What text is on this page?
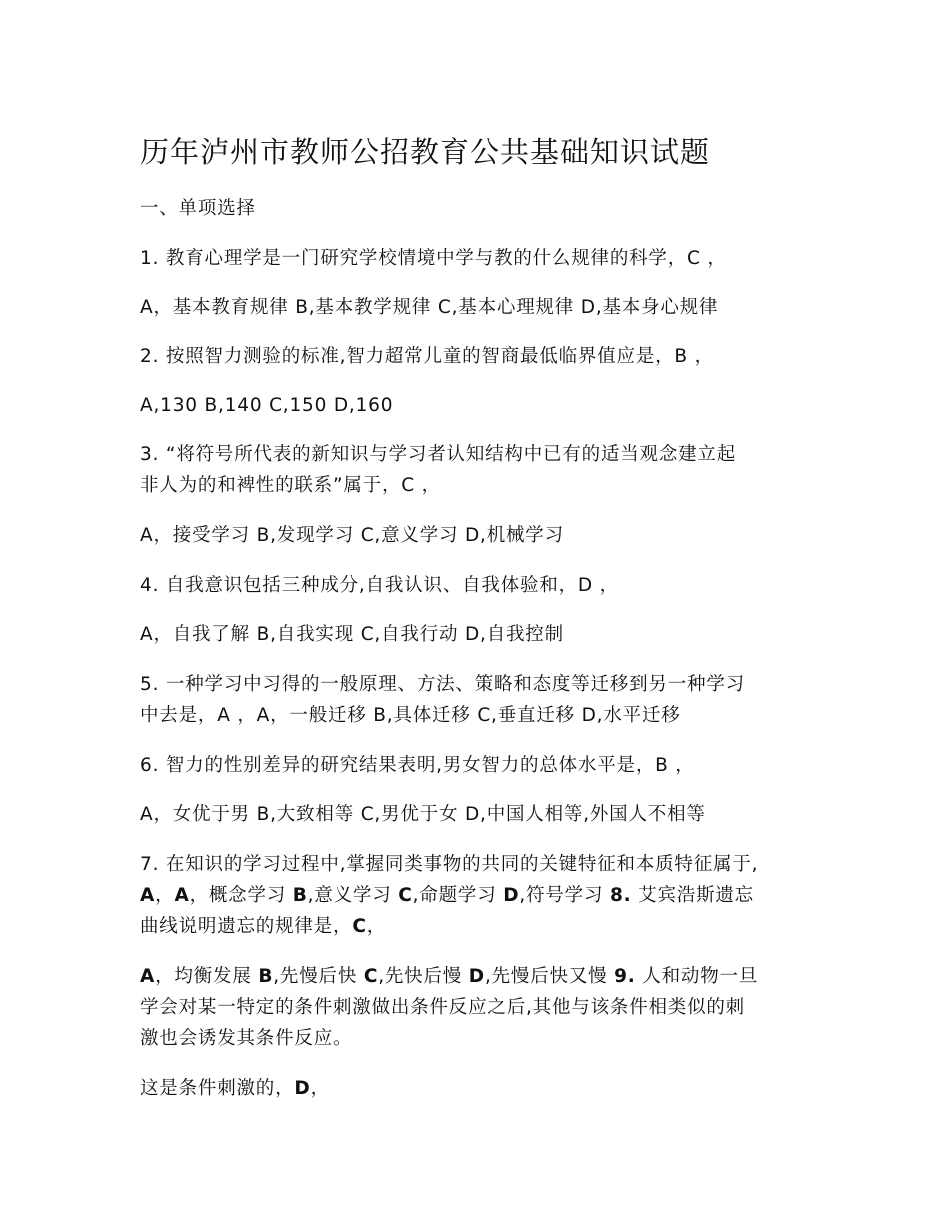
历年泸州市教师公招教育公共基础知识试题
一、单项选择
1. 教育心理学是一门研究学校情境中学与教的什么规律的科学，C ，
A，基本教育规律 B,基本教学规律 C,基本心理规律 D,基本身心规律
2. 按照智力测验的标准,智力超常儿童的智商最低临界值应是，B ，
A,130 B,140 C,150 D,160
3. “将符号所代表的新知识与学习者认知结构中已有的适当观念建立起
非人为的和裨性的联系”属于，C ，
A，接受学习 B,发现学习 C,意义学习 D,机械学习
4. 自我意识包括三种成分,自我认识、自我体验和，D ，
A，自我了解 B,自我实现 C,自我行动 D,自我控制
5. 一种学习中习得的一般原理、方法、策略和态度等迁移到另一种学习
中去是，A ，A，一般迁移 B,具体迁移 C,垂直迁移 D,水平迁移
6. 智力的性别差异的研究结果表明,男女智力的总体水平是，B ，
A，女优于男 B,大致相等 C,男优于女 D,中国人相等,外国人不相等
7. 在知识的学习过程中,掌握同类事物的共同的关键特征和本质特征属于,
A，A，概念学习 B,意义学习 C,命题学习 D,符号学习 8. 艾宾浩斯遗忘
曲线说明遗忘的规律是，C，
A，均衡发展 B,先慢后快 C,先快后慢 D,先慢后快又慢 9. 人和动物一旦
学会对某一特定的条件刺激做出条件反应之后,其他与该条件相类似的刺
激也会诱发其条件反应。
这是条件刺激的，D，
